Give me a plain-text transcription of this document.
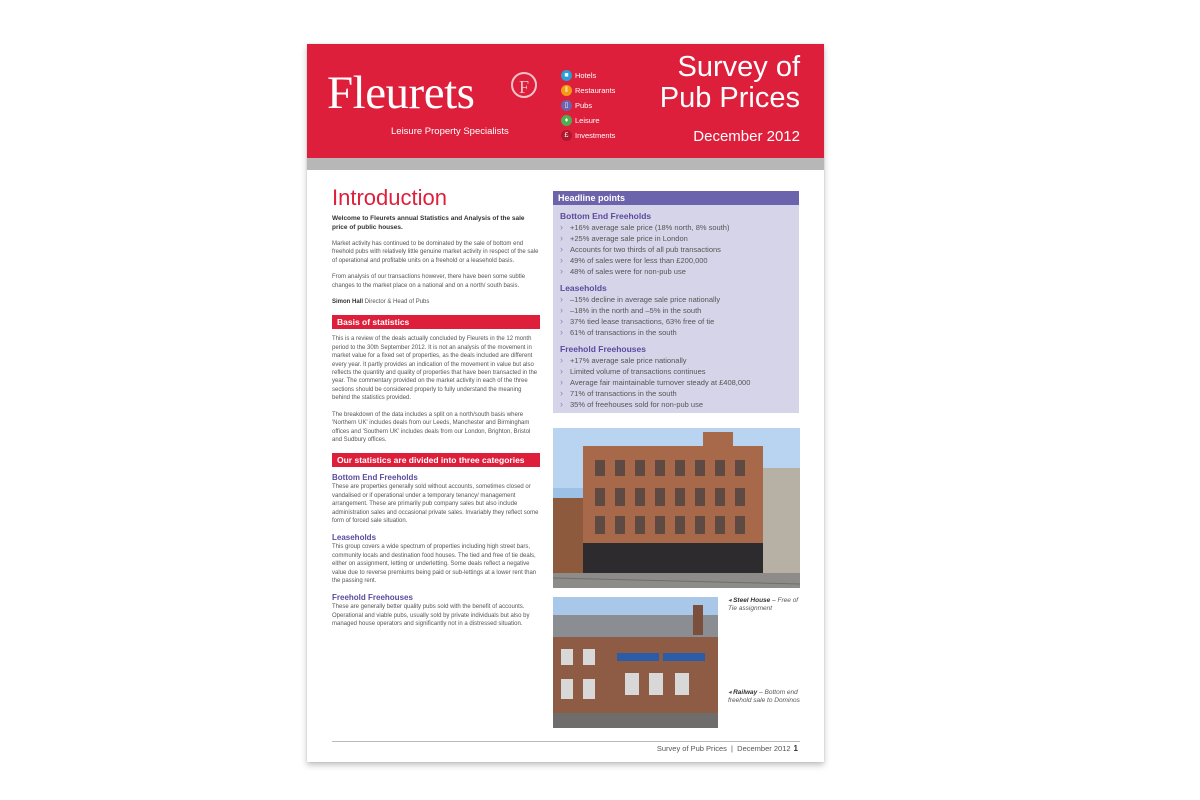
Fleurets	F
Leisure Property Specialists
■ Hotels
‖ Restaurants
▯ Pubs
♦ Leisure
£ Investments
Survey of
Pub Prices
December 2012
Introduction

Welcome to Fleurets annual Statistics and Analysis of the sale price of public houses.

Market activity has continued to be dominated by the sale of bottom end freehold pubs with relatively little genuine market activity in respect of the sale of operational and profitable units on a freehold or a leasehold basis.

From analysis of our transactions however, there have been some subtle changes to the market place on a national and on a north/ south basis.

Simon Hall Director & Head of Pubs

Basis of statistics

This is a review of the deals actually concluded by Fleurets in the 12 month period to the 30th September 2012. It is not an analysis of the movement in market value for a fixed set of properties, as the deals included are different every year. It partly provides an indication of the movement in value but also reflects the quantity and quality of properties that have been transacted in the year. The commentary provided on the market activity in each of the three sections should be considered properly to fully understand the meaning behind the statistics provided.

The breakdown of the data includes a split on a north/south basis where 'Northern UK' includes deals from our Leeds, Manchester and Birmingham offices and 'Southern UK' includes deals from our London, Brighton, Bristol and Sudbury offices.

Our statistics are divided into three categories
Bottom End Freeholds

These are properties generally sold without accounts, sometimes closed or vandalised or if operational under a temporary tenancy/ management arrangement. These are primarily pub company sales but also include administration sales and occasional private sales. Invariably they reflect some form of forced sale situation.

Leaseholds

This group covers a wide spectrum of properties including high street bars, community locals and destination food houses. The tied and free of tie deals, either on assignment, letting or underletting. Some deals reflect a negative value due to reverse premiums being paid or sub-lettings at a lower rent than the passing rent.

Freehold Freehouses

These are generally better quality pubs sold with the benefit of accounts. Operational and viable pubs, usually sold by private individuals but also by managed house operators and significantly not in a distressed situation.

Headline points
Bottom End Freeholds
› +16% average sale price (18% north, 8% south)
› +25% average sale price in London
› Accounts for two thirds of all pub transactions
› 49% of sales were for less than £200,000
› 48% of sales were for non-pub use
Leaseholds
› –15% decline in average sale price nationally
› –18% in the north and –5% in the south
› 37% tied lease transactions, 63% free of tie
› 61% of transactions in the south
Freehold Freehouses
› +17% average sale price nationally
› Limited volume of transactions continues
› Average fair maintainable turnover steady at £408,000
› 71% of transactions in the south
› 35% of freehouses sold for non-pub use
◂ Steel House – Free of Tie assignment
◂ Railway – Bottom end freehold sale to Dominos
Survey of Pub Prices  |  December 2012 1
